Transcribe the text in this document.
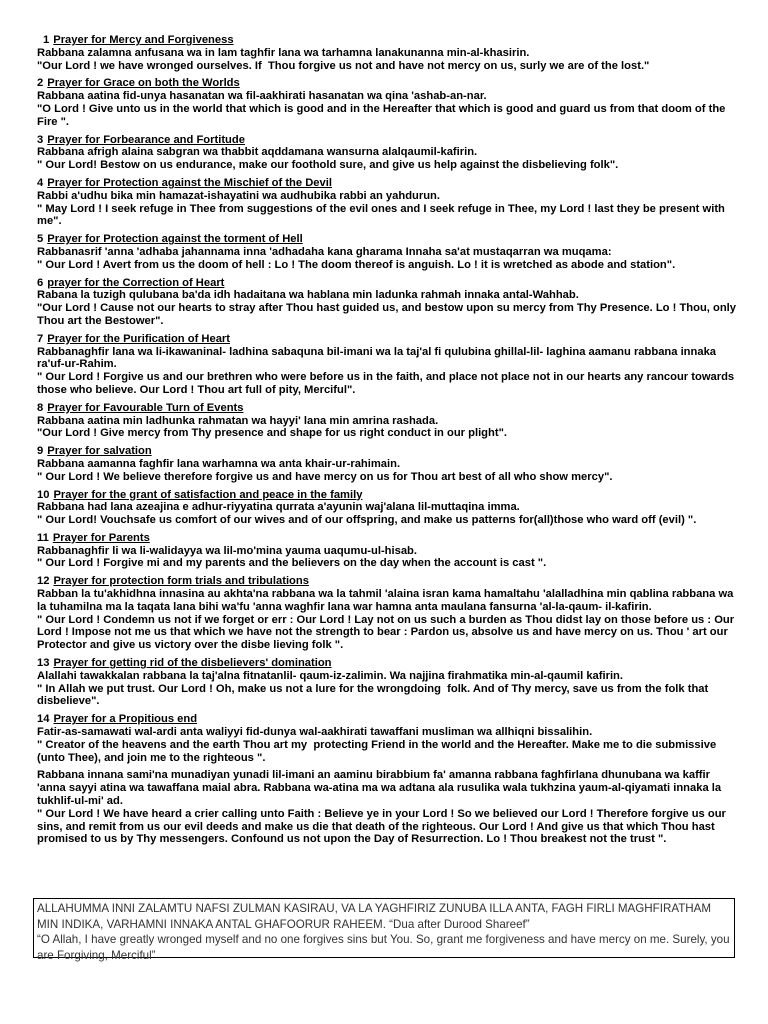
1 Prayer for Mercy and Forgiveness
Rabbana zalamna anfusana wa in lam taghfir lana wa tarhamna lanakunanna min-al-khasirin.
"Our Lord ! we have wronged ourselves. If  Thou forgive us not and have not mercy on us, surly we are of the lost."
2 Prayer for Grace on both the Worlds
Rabbana aatina fid-unya hasanatan wa fil-aakhirati hasanatan wa qina 'ashab-an-nar.
"O Lord ! Give unto us in the world that which is good and in the Hereafter that which is good and guard us from that doom of the Fire ".
3 Prayer for Forbearance and Fortitude
Rabbana afrigh alaina sabgran wa thabbit aqddamana wansurna alalqaumil-kafirin.
" Our Lord! Bestow on us endurance, make our foothold sure, and give us help against the disbelieving folk".
4 Prayer for Protection against the Mischief of the Devil
Rabbi a'udhu bika min hamazat-ishayatini wa audhubika rabbi an yahdurun.
" May Lord ! I seek refuge in Thee from suggestions of the evil ones and I seek refuge in Thee, my Lord ! last they be present with me".
5 Prayer for Protection against the torment of Hell
Rabbanasrif 'anna 'adhaba jahannama inna 'adhadaha kana gharama Innaha sa'at mustaqarran wa muqama:
" Our Lord ! Avert from us the doom of hell : Lo ! The doom thereof is anguish. Lo ! it is wretched as abode and station".
6 prayer for the Correction of Heart
Rabana la tuzigh qulubana ba'da idh hadaitana wa hablana min ladunka rahmah innaka antal-Wahhab.
"Our Lord ! Cause not our hearts to stray after Thou hast guided us, and bestow upon su mercy from Thy Presence. Lo ! Thou, only Thou art the Bestower".
7 Prayer for the Purification of Heart
Rabbanaghfir lana wa li-ikawaninal- ladhina sabaquna bil-imani wa la taj'al fi qulubina ghillal-lil- laghina aamanu rabbana innaka ra'uf-ur-Rahim.
" Our Lord ! Forgive us and our brethren who were before us in the faith, and place not place not in our hearts any rancour towards those who believe. Our Lord ! Thou art full of pity, Merciful".
8 Prayer for Favourable Turn of Events
Rabbana aatina min ladhunka rahmatan wa hayyi' lana min amrina rashada.
"Our Lord ! Give mercy from Thy presence and shape for us right conduct in our plight".
9 Prayer for salvation
Rabbana aamanna faghfir lana warhamna wa anta khair-ur-rahimain.
" Our Lord ! We believe therefore forgive us and have mercy on us for Thou art best of all who show mercy".
10 Prayer for the grant of satisfaction and peace in the family
Rabbana had lana azeajina e adhur-riyyatina qurrata a'ayunin waj'alana lil-muttaqina imma.
" Our Lord! Vouchsafe us comfort of our wives and of our offspring, and make us patterns for(all)those who ward off (evil) ".
11 Prayer for Parents
Rabbanaghfir li wa li-walidayya wa lil-mo'mina yauma uaqumu-ul-hisab.
" Our Lord ! Forgive mi and my parents and the believers on the day when the account is cast ".
12 Prayer for protection form trials and tribulations
Rabban la tu'akhidhna innasina au akhta'na rabbana wa la tahmil 'alaina isran kama hamaltahu 'alalladhina min qablina rabbana wa la tuhamilna ma la taqata lana bihi wa'fu 'anna waghfir lana war hamna anta maulana fansurna 'al-la-qaum- il-kafirin.
" Our Lord ! Condemn us not if we forget or err : Our Lord ! Lay not on us such a burden as Thou didst lay on those before us : Our Lord ! Impose not me us that which we have not the strength to bear : Pardon us, absolve us and have mercy on us. Thou ' art our Protector and give us victory over the disbe lieving folk ".
13 Prayer for getting rid of the disbelievers' domination
Alallahi tawakkalan rabbana la taj'alna fitnatanlil- qaum-iz-zalimin. Wa najjina firahmatika min-al-qaumil kafirin.
" In Allah we put trust. Our Lord ! Oh, make us not a lure for the wrongdoing  folk. And of Thy mercy, save us from the folk that disbelieve".
14 Prayer for a Propitious end
Fatir-as-samawati wal-ardi anta waliyyi fid-dunya wal-aakhirati tawaffani musliman wa allhiqni bissalihin.
" Creator of the heavens and the earth Thou art my  protecting Friend in the world and the Hereafter. Make me to die submissive (unto Thee), and join me to the righteous ".
Rabbana innana sami'na munadiyan yunadi lil-imani an aaminu birabbium fa' amanna rabbana faghfirlana dhunubana wa kaffir 'anna sayyi atina wa tawaffana maial abra. Rabbana wa-atina ma wa adtana ala rusulika wala tukhzina yaum-al-qiyamati innaka la tukhlif-ul-mi' ad.
" Our Lord ! We have heard a crier calling unto Faith : Believe ye in your Lord ! So we believed our Lord ! Therefore forgive us our sins, and remit from us our evil deeds and make us die that death of the righteous. Our Lord ! And give us that which Thou hast promised to us by Thy messengers. Confound us not upon the Day of Resurrection. Lo ! Thou breakest not the trust ".
ALLAHUMMA INNI ZALAMTU NAFSI ZULMAN KASIRAU, VA LA YAGHFIRIZ ZUNUBA ILLA ANTA, FAGH FIRLI MAGHFIRATHAM MIN INDIKA, VARHAMNI INNAKA ANTAL GHAFOORUR RAHEEM. “Dua after Durood Shareef”
“O Allah, I have greatly wronged myself and no one forgives sins but You. So, grant me forgiveness and have mercy on me. Surely, you are Forgiving, Merciful”
